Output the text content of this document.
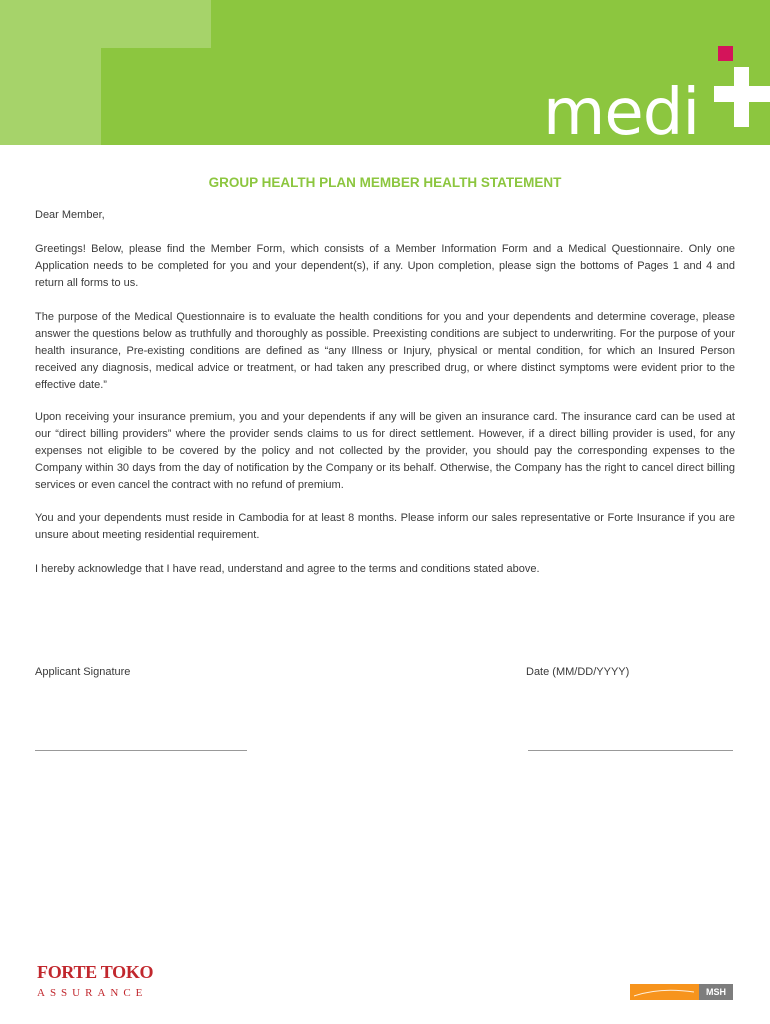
medi
GROUP HEALTH PLAN MEMBER HEALTH STATEMENT

Dear Member,

Greetings! Below, please find the Member Form, which consists of a Member Information Form and a Medical Questionnaire. Only one Application needs to be completed for you and your dependent(s), if any. Upon completion, please sign the bottoms of Pages 1 and 4 and return all forms to us.

The purpose of the Medical Questionnaire is to evaluate the health conditions for you and your dependents and determine coverage, please answer the questions below as truthfully and thoroughly as possible. Preexisting conditions are subject to underwriting. For the purpose of your health insurance, Pre-existing conditions are defined as “any Illness or Injury, physical or mental condition, for which an Insured Person received any diagnosis, medical advice or treatment, or had taken any prescribed drug, or where distinct symptoms were evident prior to the effective date.”

Upon receiving your insurance premium, you and your dependents if any will be given an insurance card. The insurance card can be used at our “direct billing providers” where the provider sends claims to us for direct settlement. However, if a direct billing provider is used, for any expenses not eligible to be covered by the policy and not collected by the provider, you should pay the corresponding expenses to the Company within 30 days from the day of notification by the Company or its behalf. Otherwise, the Company has the right to cancel direct billing services or even cancel the contract with no refund of premium.

You and your dependents must reside in Cambodia for at least 8 months. Please inform our sales representative or Forte Insurance if you are unsure about meeting residential requirement.

I hereby acknowledge that I have read, understand and agree to the terms and conditions stated above.

Applicant Signature	Date (MM/DD/YYYY)
FORTE TOKO
ASSURANCE	MSH
